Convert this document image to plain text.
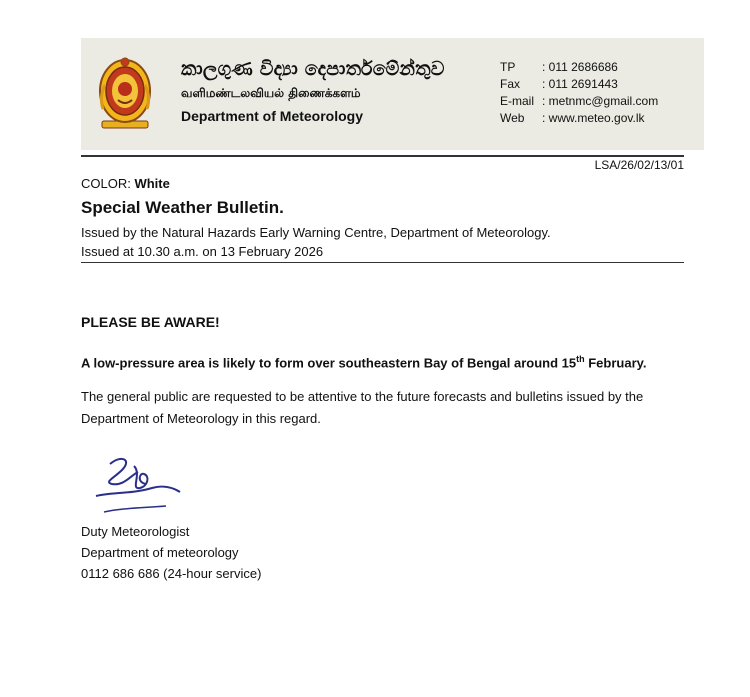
කාලගුණ විද්‍යා දෙපාර්තමේන්තුව
வளிமண்டலவியல் திணைக்களம்
Department of Meteorology
TP	: 011 2686686
Fax	: 011 2691443
E-mail : metnmc@gmail.com
Web	: www.meteo.gov.lk
LSA/26/02/13/01
COLOR: White
Special Weather Bulletin.
Issued by the Natural Hazards Early Warning Centre, Department of Meteorology.
Issued at 10.30 a.m. on 13 February 2026
PLEASE BE AWARE!
A low-pressure area is likely to form over southeastern Bay of Bengal around 15th February.
The general public are requested to be attentive to the future forecasts and bulletins issued by the Department of Meteorology in this regard.
Duty Meteorologist
Department of meteorology
0112 686 686 (24-hour service)
